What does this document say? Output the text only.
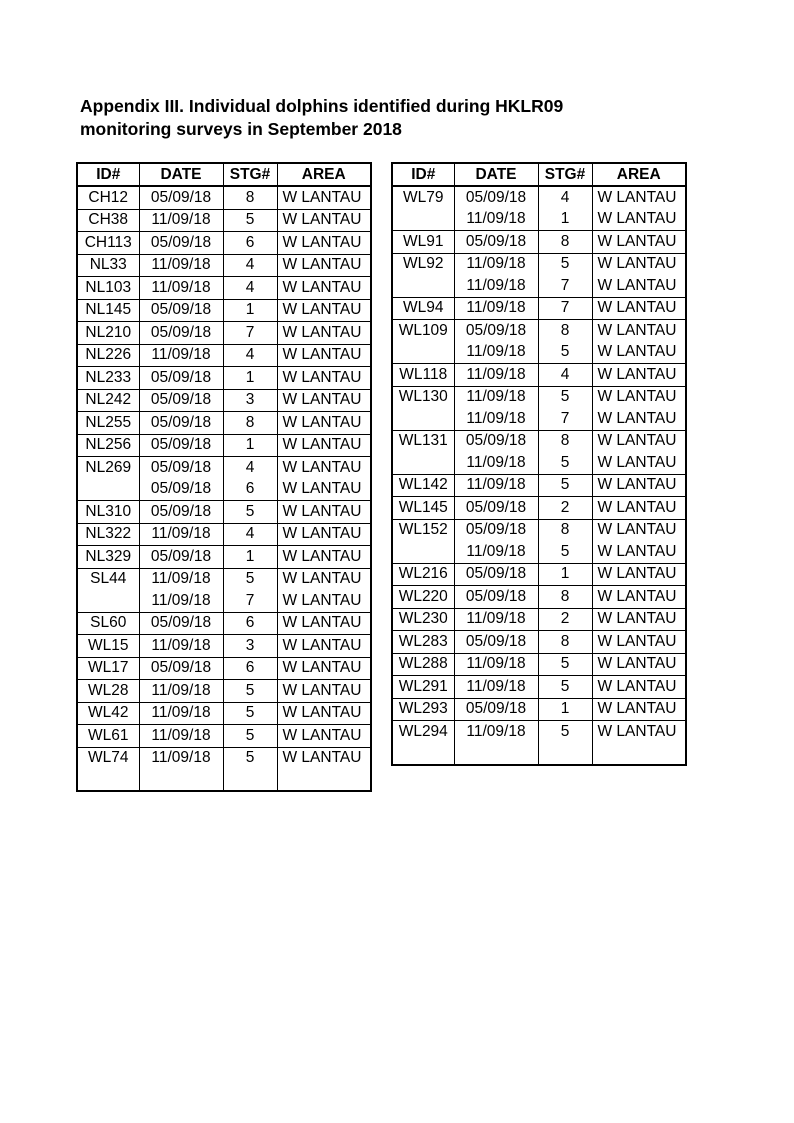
Appendix III. Individual dolphins identified during HKLR09
monitoring surveys in September 2018
ID#	DATE	STG#	AREA
CH12	05/09/18	8	W LANTAU
CH38	11/09/18	5	W LANTAU
CH113	05/09/18	6	W LANTAU
NL33	11/09/18	4	W LANTAU
NL103	11/09/18	4	W LANTAU
NL145	05/09/18	1	W LANTAU
NL210	05/09/18	7	W LANTAU
NL226	11/09/18	4	W LANTAU
NL233	05/09/18	1	W LANTAU
NL242	05/09/18	3	W LANTAU
NL255	05/09/18	8	W LANTAU
NL256	05/09/18	1	W LANTAU
NL269	05/09/18	4	W LANTAU
	05/09/18	6	W LANTAU
NL310	05/09/18	5	W LANTAU
NL322	11/09/18	4	W LANTAU
NL329	05/09/18	1	W LANTAU
SL44	11/09/18	5	W LANTAU
	11/09/18	7	W LANTAU
SL60	05/09/18	6	W LANTAU
WL15	11/09/18	3	W LANTAU
WL17	05/09/18	6	W LANTAU
WL28	11/09/18	5	W LANTAU
WL42	11/09/18	5	W LANTAU
WL61	11/09/18	5	W LANTAU
WL74	11/09/18	5	W LANTAU

ID#	DATE	STG#	AREA
WL79	05/09/18	4	W LANTAU
	11/09/18	1	W LANTAU
WL91	05/09/18	8	W LANTAU
WL92	11/09/18	5	W LANTAU
	11/09/18	7	W LANTAU
WL94	11/09/18	7	W LANTAU
WL109	05/09/18	8	W LANTAU
	11/09/18	5	W LANTAU
WL118	11/09/18	4	W LANTAU
WL130	11/09/18	5	W LANTAU
	11/09/18	7	W LANTAU
WL131	05/09/18	8	W LANTAU
	11/09/18	5	W LANTAU
WL142	11/09/18	5	W LANTAU
WL145	05/09/18	2	W LANTAU
WL152	05/09/18	8	W LANTAU
	11/09/18	5	W LANTAU
WL216	05/09/18	1	W LANTAU
WL220	05/09/18	8	W LANTAU
WL230	11/09/18	2	W LANTAU
WL283	05/09/18	8	W LANTAU
WL288	11/09/18	5	W LANTAU
WL291	11/09/18	5	W LANTAU
WL293	05/09/18	1	W LANTAU
WL294	11/09/18	5	W LANTAU
